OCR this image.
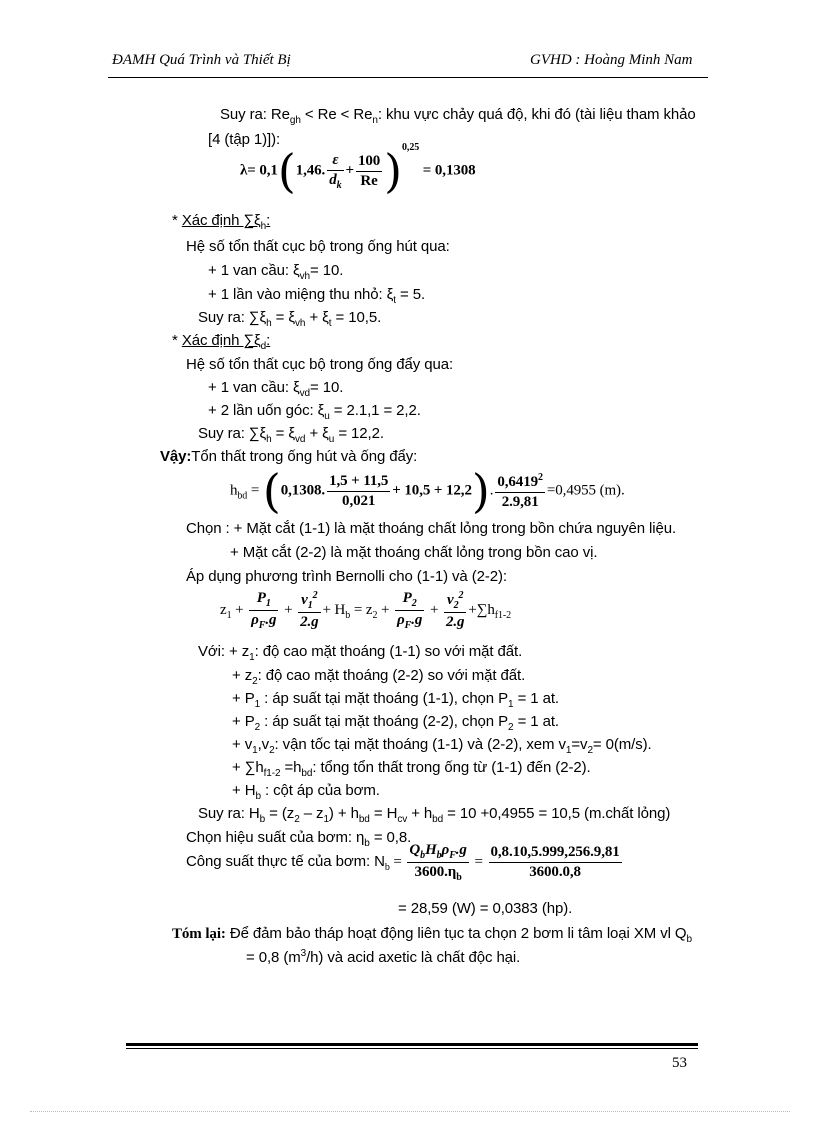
ĐAMH Quá Trình và Thiết Bị	GVHD : Hoàng Minh Nam
Suy ra: $Re_{gh} < Re < Re_n$: khu vực chảy quá độ, khi đó (tài liệu tham khảo
[4 (tập 1)]):
λ= 0,1(1,46. $\frac{\varepsilon}{d_k} + \frac{100}{Re} )^{0,25} = 0,1308$
* Xác định $\sum\xi_h$:
Hệ số tổn thất cục bộ trong ống hút qua:
+ 1 van cầu: $\xi_{vh}= 10$.
+ 1 lần vào miệng thu nhỏ: $\xi_t = 5$.
Suy ra: $\sum\xi_h = \xi_{vh} + \xi_t = 10,5$.
* Xác định $\sum\xi_d$:
Hệ số tổn thất cục bộ trong ống đẩy qua:
+ 1 van cầu: $\xi_{vd}= 10$.
+ 2 lần uốn góc: $\xi_u = 2.1,1 = 2,2$.
Suy ra: $\sum\xi_h = \xi_{vd} + \xi_u = 12,2$.
Vậy:Tổn thất trong ống hút và ống đẩy:
$h_{bd} = (0,1308$. $\frac{1,5 + 11,5}{0,021} + 10,5 + 12,2$). $\frac{0,6419^2}{2.9,81} =0,4955$ (m).
Chọn : + Mặt cắt (1-1) là mặt thoáng chất lỏng trong bồn chứa nguyên liệu.
+ Mặt cắt (2-2) là mặt thoáng chất lỏng trong bồn cao vị.
Áp dụng phương trình Bernolli cho (1-1) và (2-2):
$z_1 + \frac{P_1}{\rho_F.g} + \frac{v_1^2}{2.g} + H_b = z_2 + \frac{P_2}{\rho_F.g} + \frac{v_2^2}{2.g} +\sum h_{f1-2}$
Với: + $z_1$: độ cao mặt thoáng (1-1) so với mặt đất.
+ $z_2$: độ cao mặt thoáng (2-2) so với mặt đất.
+ $P_1$ : áp suất tại mặt thoáng (1-1), chọn $P_1 = 1$ at.
+ $P_2$ : áp suất tại mặt thoáng (2-2), chọn $P_2 = 1$ at.
+ $v_1,v_2$: vận tốc tại mặt thoáng (1-1) và (2-2), xem $v_1=v_2= 0(m/s)$.
+ $\sum h_{f1-2} =h_{bd}$: tổng tổn thất trong ống từ (1-1) đến (2-2).
+ $H_b$ : cột áp của bơm.
Suy ra: $H_b = (z_2 - z_1) + h_{bd} = H_{cv} + h_{bd} = 10 +0,4955 = 10,5$ (m.chất lỏng)
Chọn hiệu suất của bơm: $\eta_b = 0,8$.
Công suất thực tế của bơm: $N_b = \frac{Q_bH_b\rho_F.g}{3600.\eta_b} = \frac{0,8.10,5.999,256.9,81}{3600.0,8}$
= 28,59 (W) = 0,0383 (hp).
Tóm lại: Để đảm bảo tháp hoạt động liên tục ta chọn 2 bơm li tâm loại XM vl $Q_b$
= 0,8 $(m^3/h)$ và acid axetic là chất độc hại.
53
